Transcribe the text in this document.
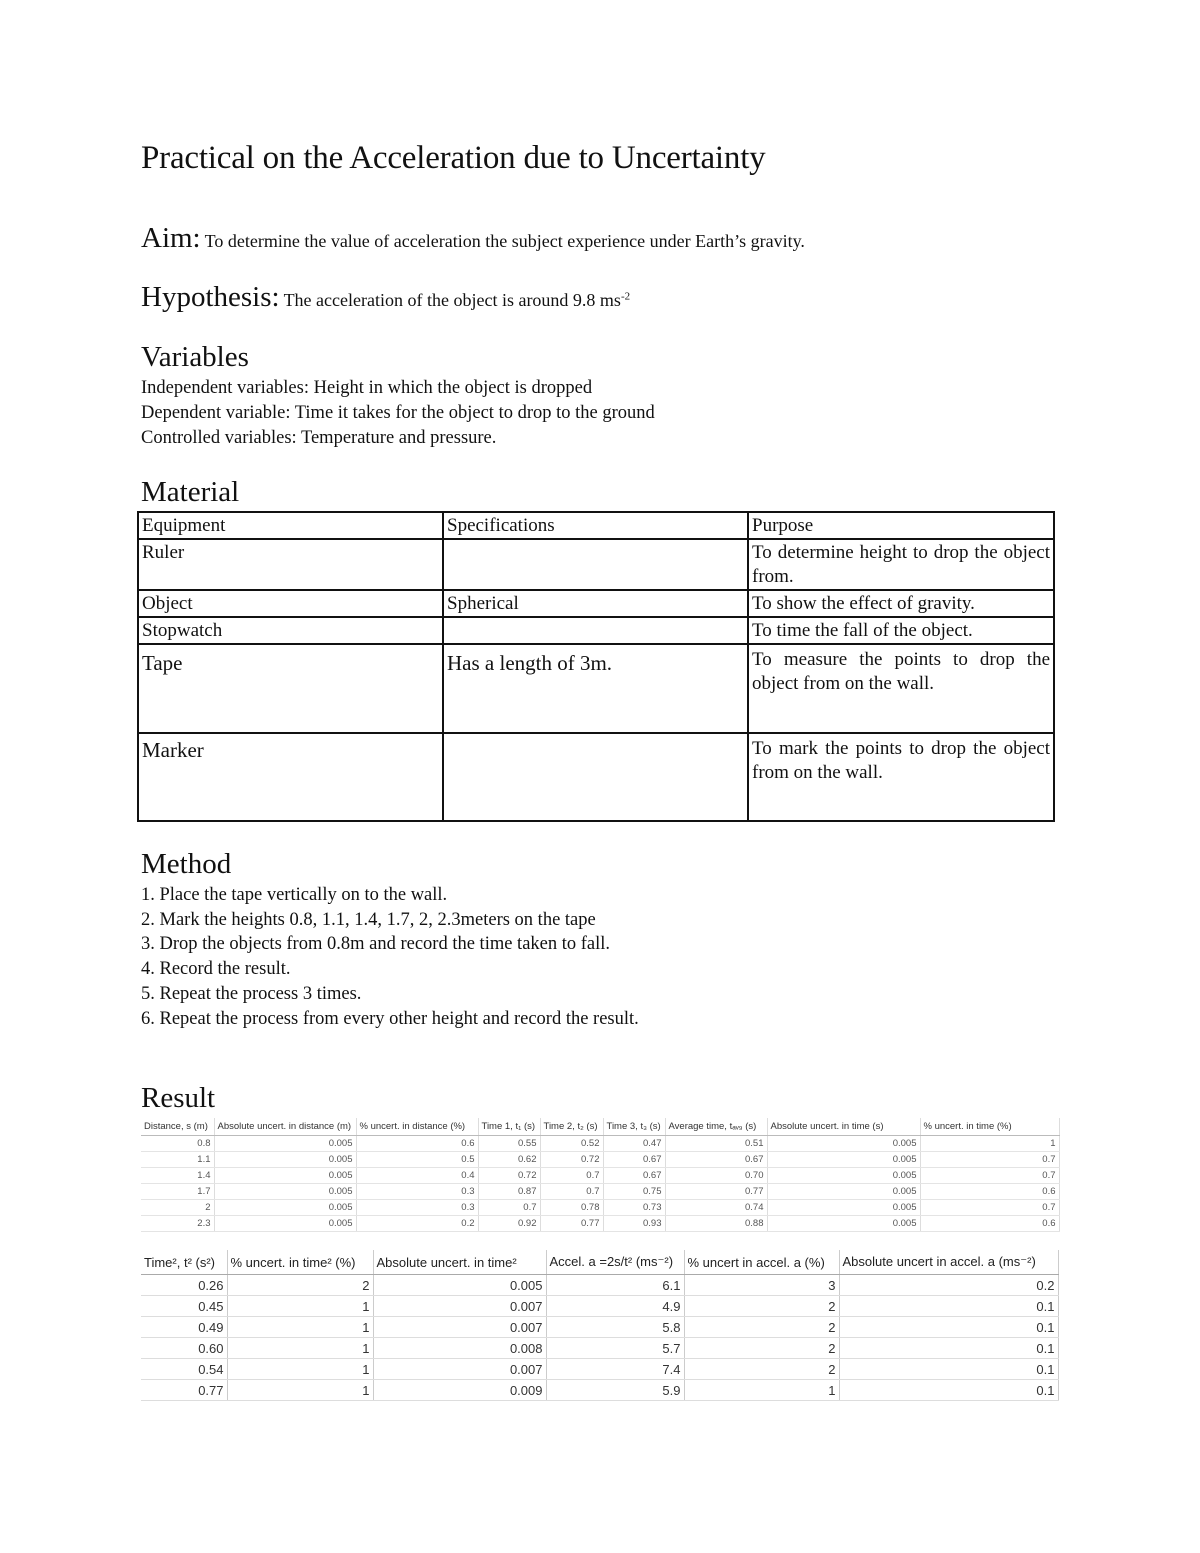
Practical on the Acceleration due to Uncertainty
Aim: To determine the value of acceleration the subject experience under Earth’s gravity.
Hypothesis: The acceleration of the object is around 9.8 $ms^{-2}$
Variables
Independent variables: Height in which the object is dropped
Dependent variable: Time it takes for the object to drop to the ground
Controlled variables: Temperature and pressure.
Material
Equipment	Specifications	Purpose
Ruler		To determine height to drop the object from.
Object	Spherical	To show the effect of gravity.
Stopwatch		To time the fall of the object.
Tape	Has a length of 3m.	To measure the points to drop the object from on the wall.
Marker		To mark the points to drop the object from on the wall.
Method
1. Place the tape vertically on to the wall.
2. Mark the heights 0.8, 1.1, 1.4, 1.7, 2, 2.3meters on the tape
3. Drop the objects from 0.8m and record the time taken to fall.
4. Record the result.
5. Repeat the process 3 times.
6. Repeat the process from every other height and record the result.
Result
Distance, s (m)	Absolute uncert. in distance (m)	% uncert. in distance (%)	Time 1, t₁ (s)	Time 2, t₂ (s)	Time 3, t₃ (s)	Average time, tₐᵥ₉ (s)	Absolute uncert. in time (s)	% uncert. in time (%)
0.8	0.005	0.6	0.55	0.52	0.47	0.51	0.005	1
1.1	0.005	0.5	0.62	0.72	0.67	0.67	0.005	0.7
1.4	0.005	0.4	0.72	0.7	0.67	0.70	0.005	0.7
1.7	0.005	0.3	0.87	0.7	0.75	0.77	0.005	0.6
2	0.005	0.3	0.7	0.78	0.73	0.74	0.005	0.7
2.3	0.005	0.2	0.92	0.77	0.93	0.88	0.005	0.6
Time², t² (s²)	% uncert. in time² (%)	Absolute uncert. in time²	Accel. a =2s/t² (ms⁻²)	% uncert in accel. a (%)	Absolute uncert in accel. a (ms⁻²)
0.26	2	0.005	6.1	3	0.2
0.45	1	0.007	4.9	2	0.1
0.49	1	0.007	5.8	2	0.1
0.60	1	0.008	5.7	2	0.1
0.54	1	0.007	7.4	2	0.1
0.77	1	0.009	5.9	1	0.1
